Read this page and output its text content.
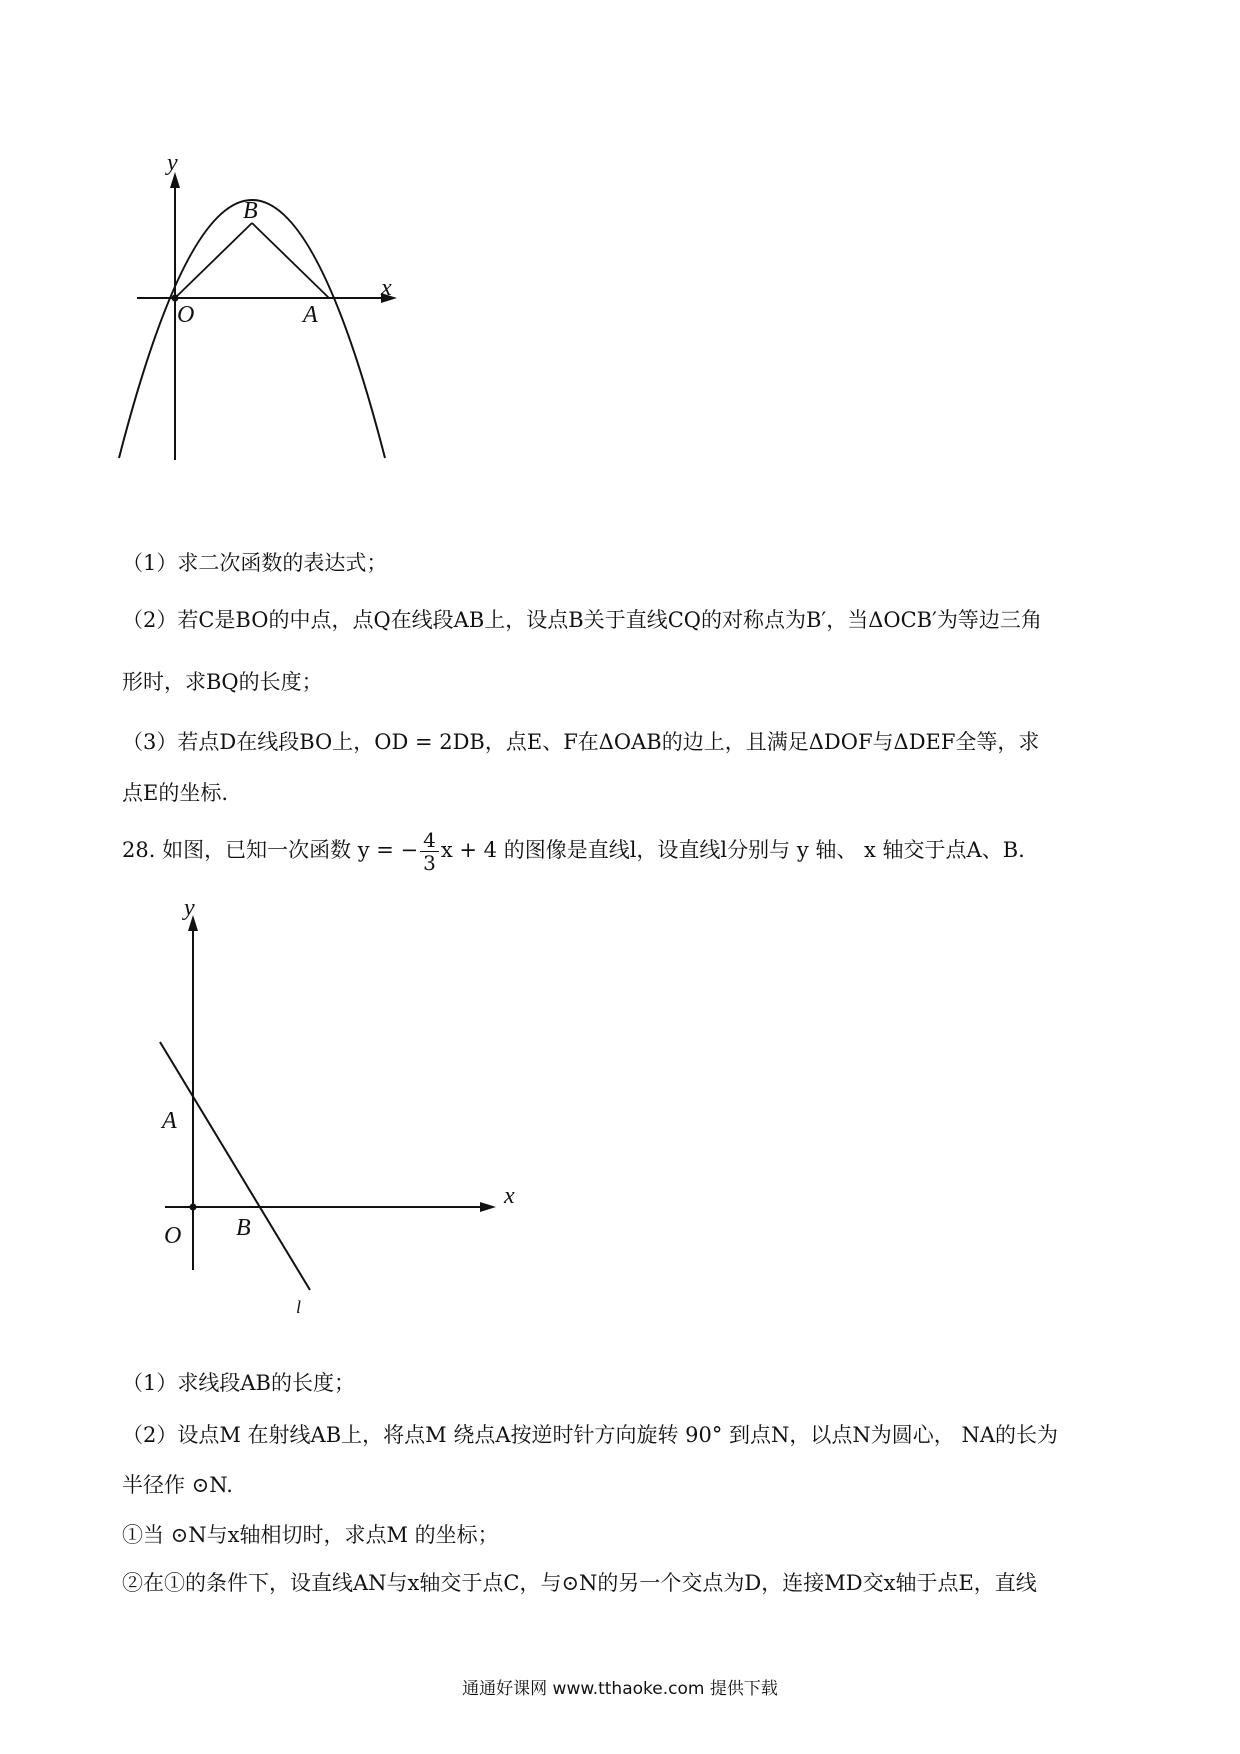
y
x
B
O	A
（1）求二次函数的表达式；
（2）若C是BO的中点，点Q在线段AB上，设点B关于直线CQ的对称点为B′，当ΔOCB′为等边三角
形时，求BQ的长度；
（3）若点D在线段BO上，OD = 2DB，点E、F在ΔOAB的边上，且满足ΔDOF与ΔDEF全等，求
点E的坐标.
28. 如图，已知一次函数 y = − $\frac{4}{3}$ x + 4 的图像是直线l，设直线l分别与 y 轴、 x 轴交于点A、B.
y
x
A
O B
l
（1）求线段AB的长度；
（2）设点M 在射线AB上，将点M 绕点A按逆时针方向旋转 90° 到点N，以点N为圆心， NA的长为
半径作 ⊙N.
①当 ⊙N与x轴相切时，求点M 的坐标；
②在①的条件下，设直线AN与x轴交于点C，与⊙N的另一个交点为D，连接MD交x轴于点E，直线
通通好课网 www.tthaoke.com 提供下载
